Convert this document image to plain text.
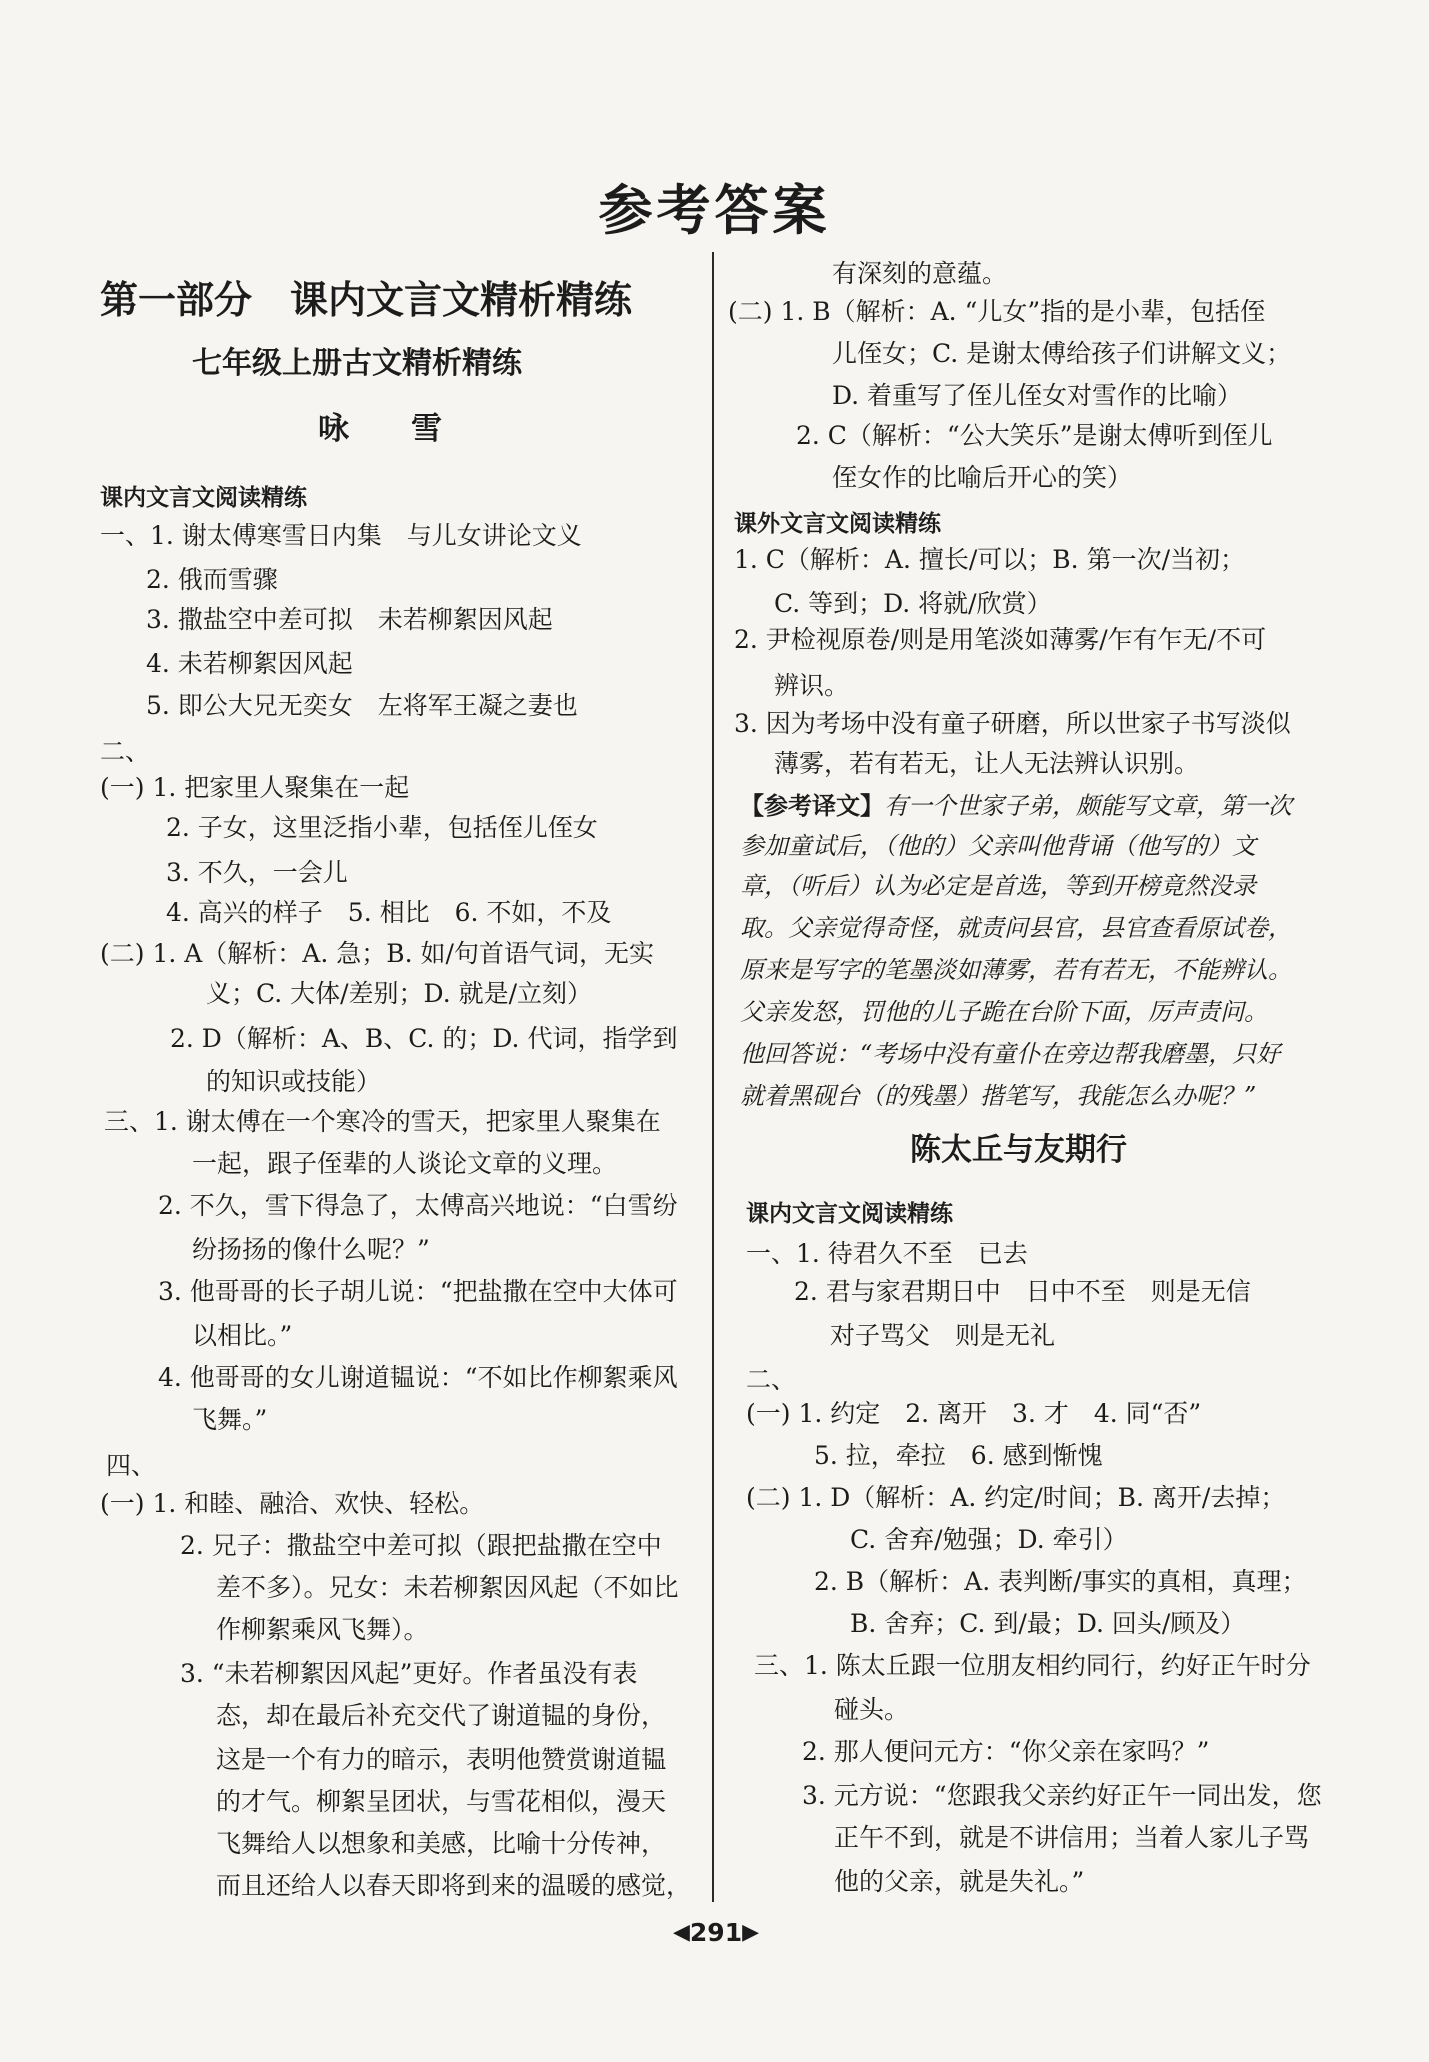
参考答案
第一部分　课内文言文精析精练
七年级上册古文精析精练
咏　　雪
课内文言文阅读精练
一、1. 谢太傅寒雪日内集　与儿女讲论文义
2. 俄而雪骤
3. 撒盐空中差可拟　未若柳絮因风起
4. 未若柳絮因风起
5. 即公大兄无奕女　左将军王凝之妻也
二、
(一) 1. 把家里人聚集在一起
2. 子女，这里泛指小辈，包括侄儿侄女
3. 不久，一会儿
4. 高兴的样子　5. 相比　6. 不如，不及
(二) 1. A（解析：A. 急；B. 如/句首语气词，无实
义；C. 大体/差别；D. 就是/立刻）
2. D（解析：A、B、C. 的；D. 代词，指学到
的知识或技能）
三、1. 谢太傅在一个寒冷的雪天，把家里人聚集在
一起，跟子侄辈的人谈论文章的义理。
2. 不久，雪下得急了，太傅高兴地说：“白雪纷
纷扬扬的像什么呢？”
3. 他哥哥的长子胡儿说：“把盐撒在空中大体可
以相比。”
4. 他哥哥的女儿谢道韫说：“不如比作柳絮乘风
飞舞。”
四、
(一) 1. 和睦、融洽、欢快、轻松。
2. 兄子：撒盐空中差可拟（跟把盐撒在空中
差不多）。兄女：未若柳絮因风起（不如比
作柳絮乘风飞舞）。
3. “未若柳絮因风起”更好。作者虽没有表
态，却在最后补充交代了谢道韫的身份，
这是一个有力的暗示，表明他赞赏谢道韫
的才气。柳絮呈团状，与雪花相似，漫天
飞舞给人以想象和美感，比喻十分传神，
而且还给人以春天即将到来的温暖的感觉，
有深刻的意蕴。
(二) 1. B（解析：A. “儿女”指的是小辈，包括侄
儿侄女；C. 是谢太傅给孩子们讲解文义；
D. 着重写了侄儿侄女对雪作的比喻）
2. C（解析：“公大笑乐”是谢太傅听到侄儿
侄女作的比喻后开心的笑）
课外文言文阅读精练
1. C（解析：A. 擅长/可以；B. 第一次/当初；
C. 等到；D. 将就/欣赏）
2. 尹检视原卷/则是用笔淡如薄雾/乍有乍无/不可
辨识。
3. 因为考场中没有童子研磨，所以世家子书写淡似
薄雾，若有若无，让人无法辨认识别。
【参考译文】有一个世家子弟，颇能写文章，第一次
参加童试后，（他的）父亲叫他背诵（他写的）文
章，（听后）认为必定是首选，等到开榜竟然没录
取。父亲觉得奇怪，就责问县官，县官查看原试卷，
原来是写字的笔墨淡如薄雾，若有若无，不能辨认。
父亲发怒，罚他的儿子跪在台阶下面，厉声责问。
他回答说：“考场中没有童仆在旁边帮我磨墨，只好
就着黑砚台（的残墨）揩笔写，我能怎么办呢？”
陈太丘与友期行
课内文言文阅读精练
一、1. 待君久不至　已去
2. 君与家君期日中　日中不至　则是无信
对子骂父　则是无礼
二、
(一) 1. 约定　2. 离开　3. 才　4. 同“否”
5. 拉，牵拉　6. 感到惭愧
(二) 1. D（解析：A. 约定/时间；B. 离开/去掉；
C. 舍弃/勉强；D. 牵引）
2. B（解析：A. 表判断/事实的真相，真理；
B. 舍弃；C. 到/最；D. 回头/顾及）
三、1. 陈太丘跟一位朋友相约同行，约好正午时分
碰头。
2. 那人便问元方：“你父亲在家吗？”
3. 元方说：“您跟我父亲约好正午一同出发，您
正午不到，就是不讲信用；当着人家儿子骂
他的父亲，就是失礼。”
◀ 291 ▶
